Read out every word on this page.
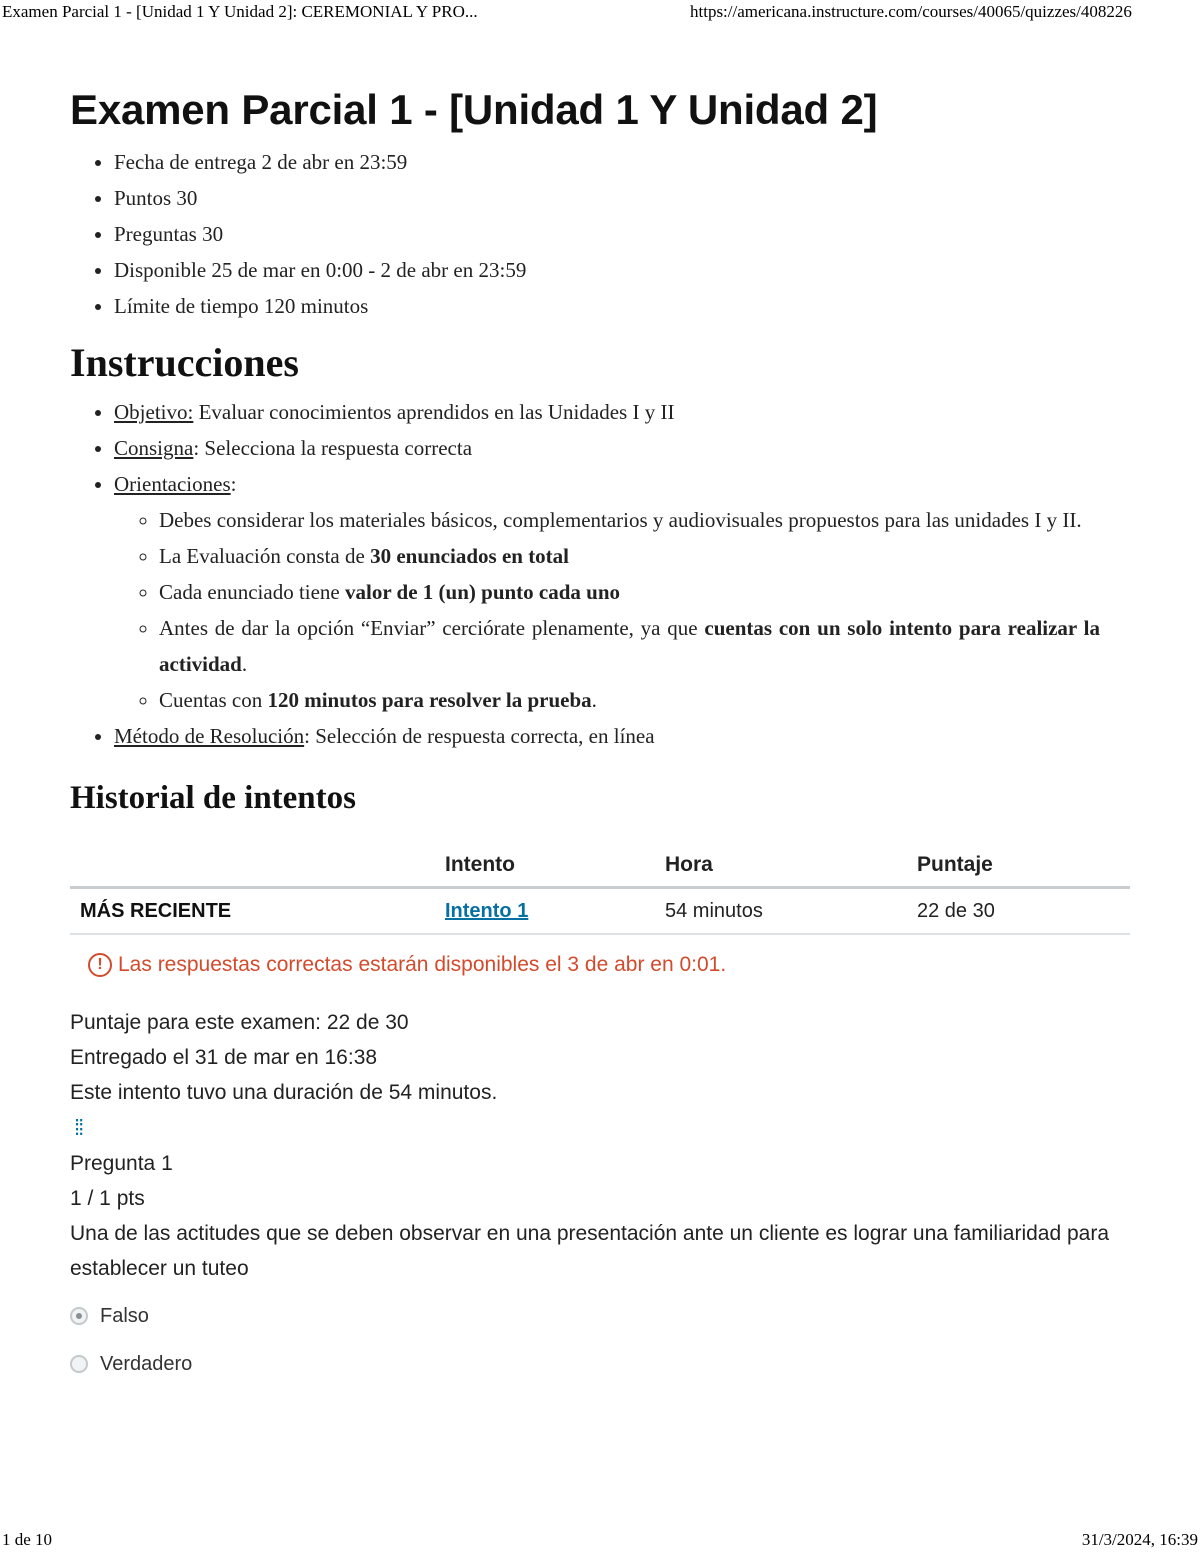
Examen Parcial 1 - [Unidad 1 Y Unidad 2]: CEREMONIAL Y PRO...	https://americana.instructure.com/courses/40065/quizzes/408226
Examen Parcial 1 - [Unidad 1 Y Unidad 2]
• Fecha de entrega 2 de abr en 23:59
• Puntos 30
• Preguntas 30
• Disponible 25 de mar en 0:00 - 2 de abr en 23:59
• Límite de tiempo 120 minutos
Instrucciones
• Objetivo: Evaluar conocimientos aprendidos en las Unidades I y II
• Consigna: Selecciona la respuesta correcta
• Orientaciones:
◦ Debes considerar los materiales básicos, complementarios y audiovisuales propuestos para las unidades I y II.
◦ La Evaluación consta de 30 enunciados en total
◦ Cada enunciado tiene valor de 1 (un) punto cada uno
◦ Antes de dar la opción “Enviar” cerciórate plenamente, ya que cuentas con un solo intento para realizar la actividad.
◦ Cuentas con 120 minutos para resolver la prueba.
• Método de Resolución: Selección de respuesta correcta, en línea
Historial de intentos
	Intento	Hora	Puntaje
MÁS RECIENTE	Intento 1	54 minutos	22 de 30
! Las respuestas correctas estarán disponibles el 3 de abr en 0:01.
Puntaje para este examen: 22 de 30
Entregado el 31 de mar en 16:38
Este intento tuvo una duración de 54 minutos.
⁞⁞
Pregunta 1
1 / 1 pts
Una de las actitudes que se deben observar en una presentación ante un cliente es lograr una familiaridad para establecer un tuteo
Falso
Verdadero
1 de 10	31/3/2024, 16:39
